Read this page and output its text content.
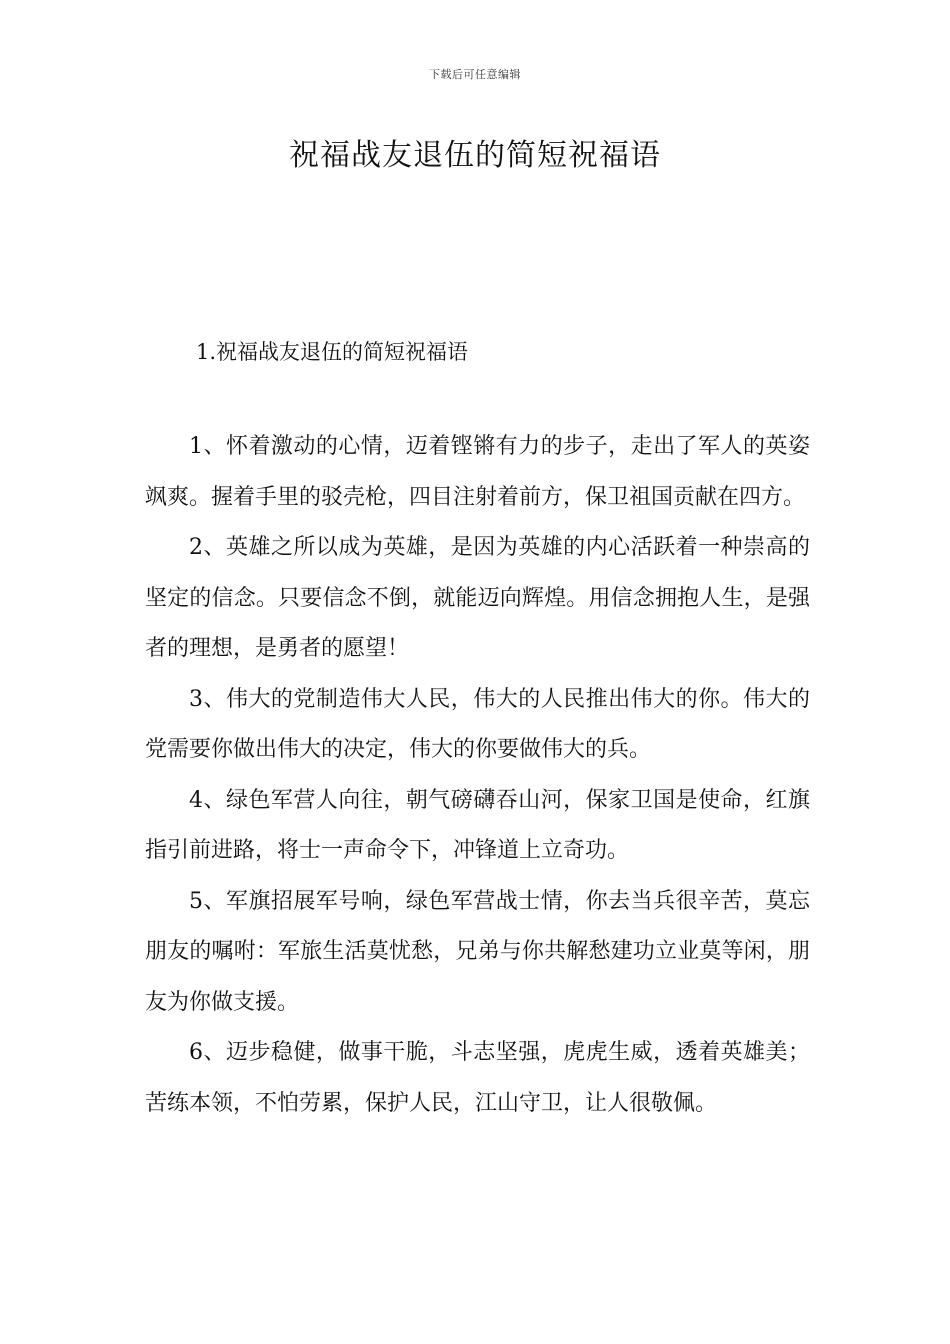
下载后可任意编辑
祝福战友退伍的简短祝福语
1.祝福战友退伍的简短祝福语

1、怀着激动的心情，迈着铿锵有力的步子，走出了军人的英姿飒爽。握着手里的驳壳枪，四目注射着前方，保卫祖国贡献在四方。

2、英雄之所以成为英雄，是因为英雄的内心活跃着一种崇高的坚定的信念。只要信念不倒，就能迈向辉煌。用信念拥抱人生，是强者的理想，是勇者的愿望！

3、伟大的党制造伟大人民，伟大的人民推出伟大的你。伟大的党需要你做出伟大的决定，伟大的你要做伟大的兵。

4、绿色军营人向往，朝气磅礴吞山河，保家卫国是使命，红旗指引前进路，将士一声命令下，冲锋道上立奇功。

5、军旗招展军号响，绿色军营战士情，你去当兵很辛苦，莫忘朋友的嘱咐：军旅生活莫忧愁，兄弟与你共解愁建功立业莫等闲，朋友为你做支援。

6、迈步稳健，做事干脆，斗志坚强，虎虎生威，透着英雄美；苦练本领，不怕劳累，保护人民，江山守卫，让人很敬佩。
